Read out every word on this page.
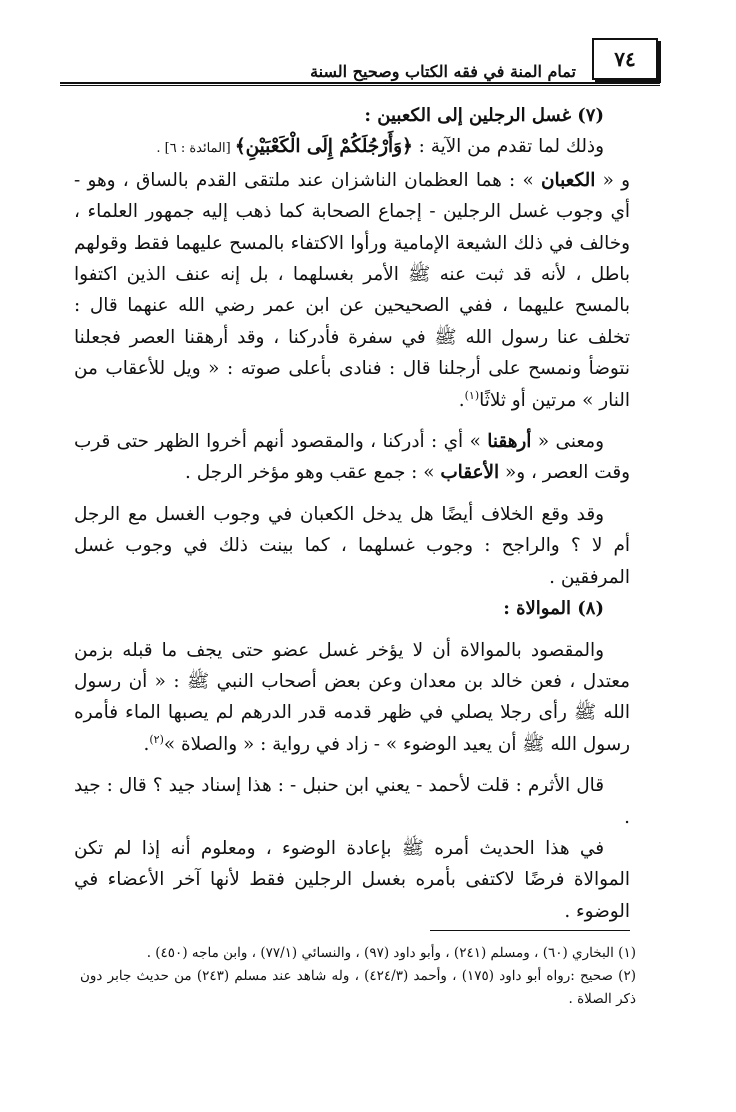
٧٤
تمام المنة في فقه الكتاب وصحيح السنة

(٧) غسل الرجلين إلى الكعبين :

وذلك لما تقدم من الآية : ﴿وَأَرْجُلَكُمْ إِلَى الْكَعْبَيْنِ﴾ [المائدة : ٦] .

و « الكعبان » : هما العظمان الناشزان عند ملتقى القدم بالساق ، وهو - أي وجوب غسل الرجلين - إجماع الصحابة كما ذهب إليه جمهور العلماء ، وخالف في ذلك الشيعة الإمامية ورأوا الاكتفاء بالمسح عليهما فقط وقولهم باطل ، لأنه قد ثبت عنه ﷺ الأمر بغسلهما ، بل إنه عنف الذين اكتفوا بالمسح عليهما ، ففي الصحيحين عن ابن عمر رضي الله عنهما قال : تخلف عنا رسول الله ﷺ في سفرة فأدركنا ، وقد أرهقنا العصر فجعلنا نتوضأ ونمسح على أرجلنا قال : فنادى بأعلى صوته : « ويل للأعقاب من النار » مرتين أو ثلاثًا$^{(١)}$.

ومعنى « أرهقنا » أي : أدركنا ، والمقصود أنهم أخروا الظهر حتى قرب وقت العصر ، و« الأعقاب » : جمع عقب وهو مؤخر الرجل .

وقد وقع الخلاف أيضًا هل يدخل الكعبان في وجوب الغسل مع الرجل أم لا ؟ والراجح : وجوب غسلهما ، كما بينت ذلك في وجوب غسل المرفقين .

(٨) الموالاة :

والمقصود بالموالاة أن لا يؤخر غسل عضو حتى يجف ما قبله بزمن معتدل ، فعن خالد بن معدان وعن بعض أصحاب النبي ﷺ : « أن رسول الله ﷺ رأى رجلا يصلي في ظهر قدمه قدر الدرهم لم يصبها الماء فأمره رسول الله ﷺ أن يعيد الوضوء » - زاد في رواية : « والصلاة »$^{(٢)}$.

قال الأثرم : قلت لأحمد - يعني ابن حنبل - : هذا إسناد جيد ؟ قال : جيد .

في هذا الحديث أمره ﷺ بإعادة الوضوء ، ومعلوم أنه إذا لم تكن الموالاة فرضًا لاكتفى بأمره بغسل الرجلين فقط لأنها آخر الأعضاء في الوضوء .

(١) البخاري (٦٠) ، ومسلم (٢٤١) ، وأبو داود (٩٧) ، والنسائي (٧٧/١) ، وابن ماجه (٤٥٠) .

(٢) صحيح :رواه أبو داود (١٧٥) ، وأحمد (٤٢٤/٣) ، وله شاهد عند مسلم (٢٤٣) من حديث جابر دون ذكر الصلاة .
